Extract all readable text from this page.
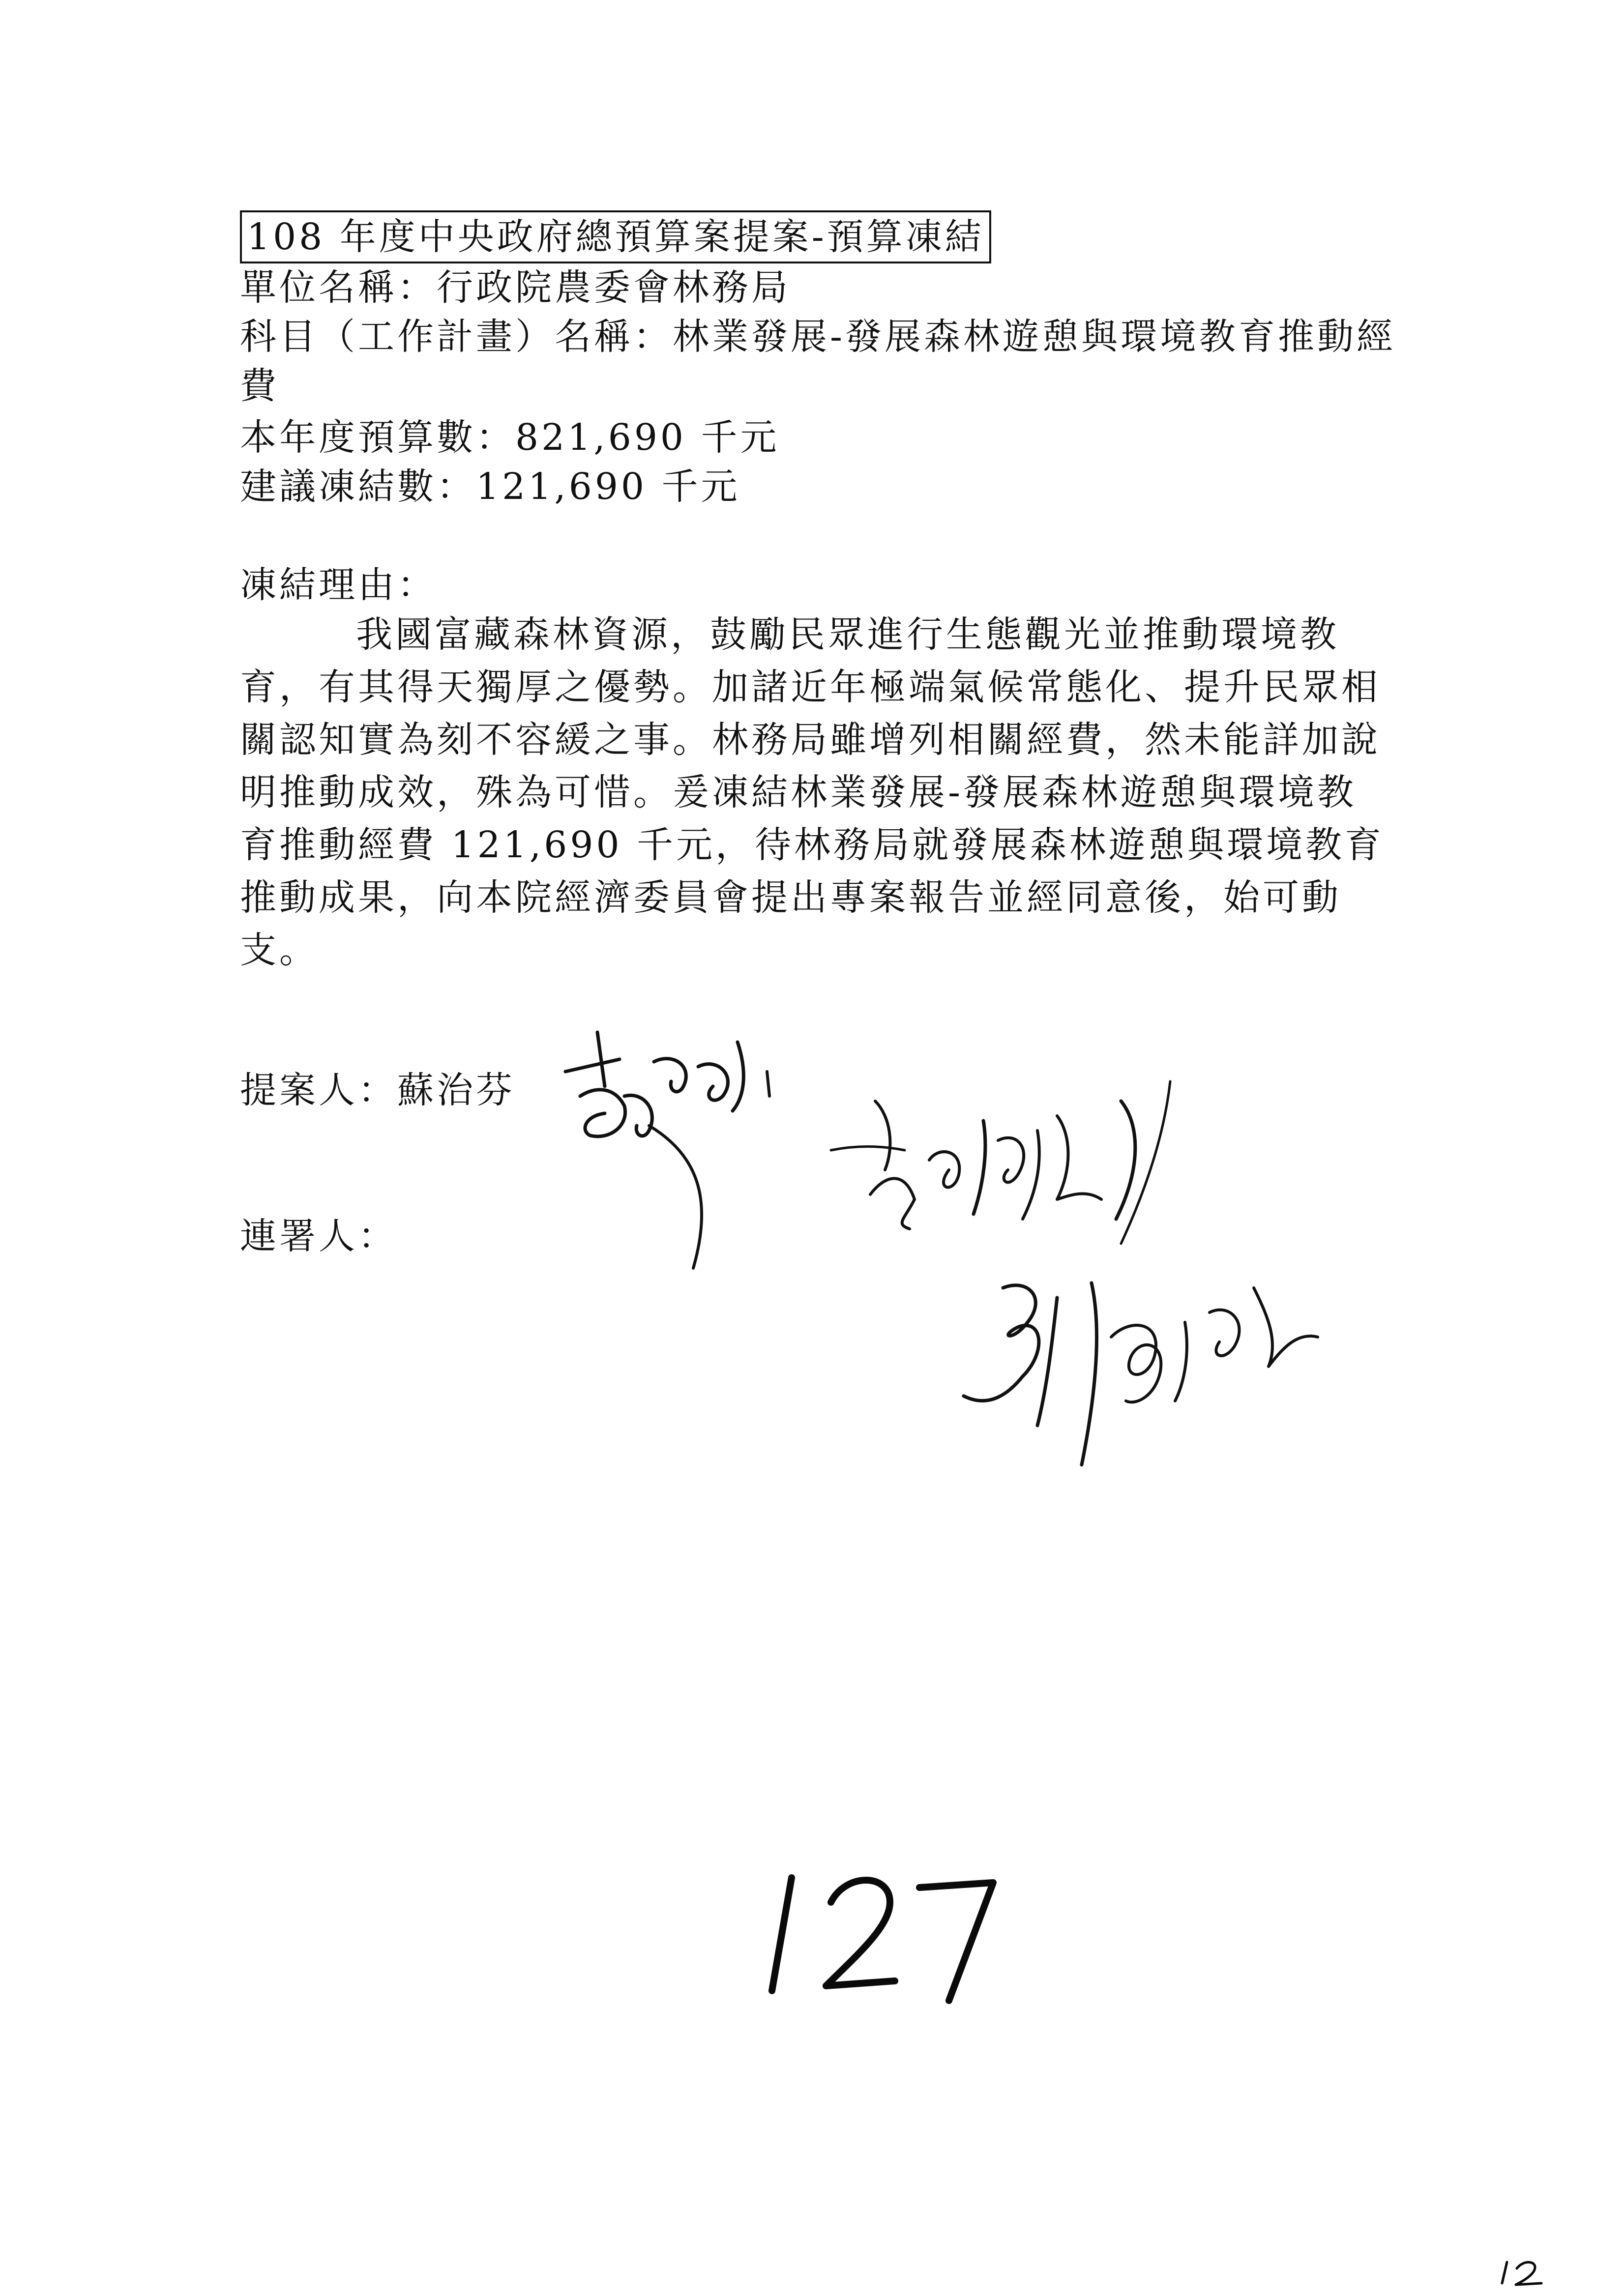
108 年度中央政府總預算案提案-預算凍結
單位名稱：行政院農委會林務局
科目（工作計畫）名稱：林業發展-發展森林遊憩與環境教育推動經
費
本年度預算數：821,690 千元
建議凍結數：121,690 千元
凍結理由：
我國富藏森林資源，鼓勵民眾進行生態觀光並推動環境教育，有其得天獨厚之優勢。加諸近年極端氣候常態化、提升民眾相關認知實為刻不容緩之事。林務局雖增列相關經費，然未能詳加說明推動成效，殊為可惜。爰凍結林業發展-發展森林遊憩與環境教育推動經費 121,690 千元，待林務局就發展森林遊憩與環境教育推動成果，向本院經濟委員會提出專案報告並經同意後，始可動支。
提案人：蘇治芬
連署人：
